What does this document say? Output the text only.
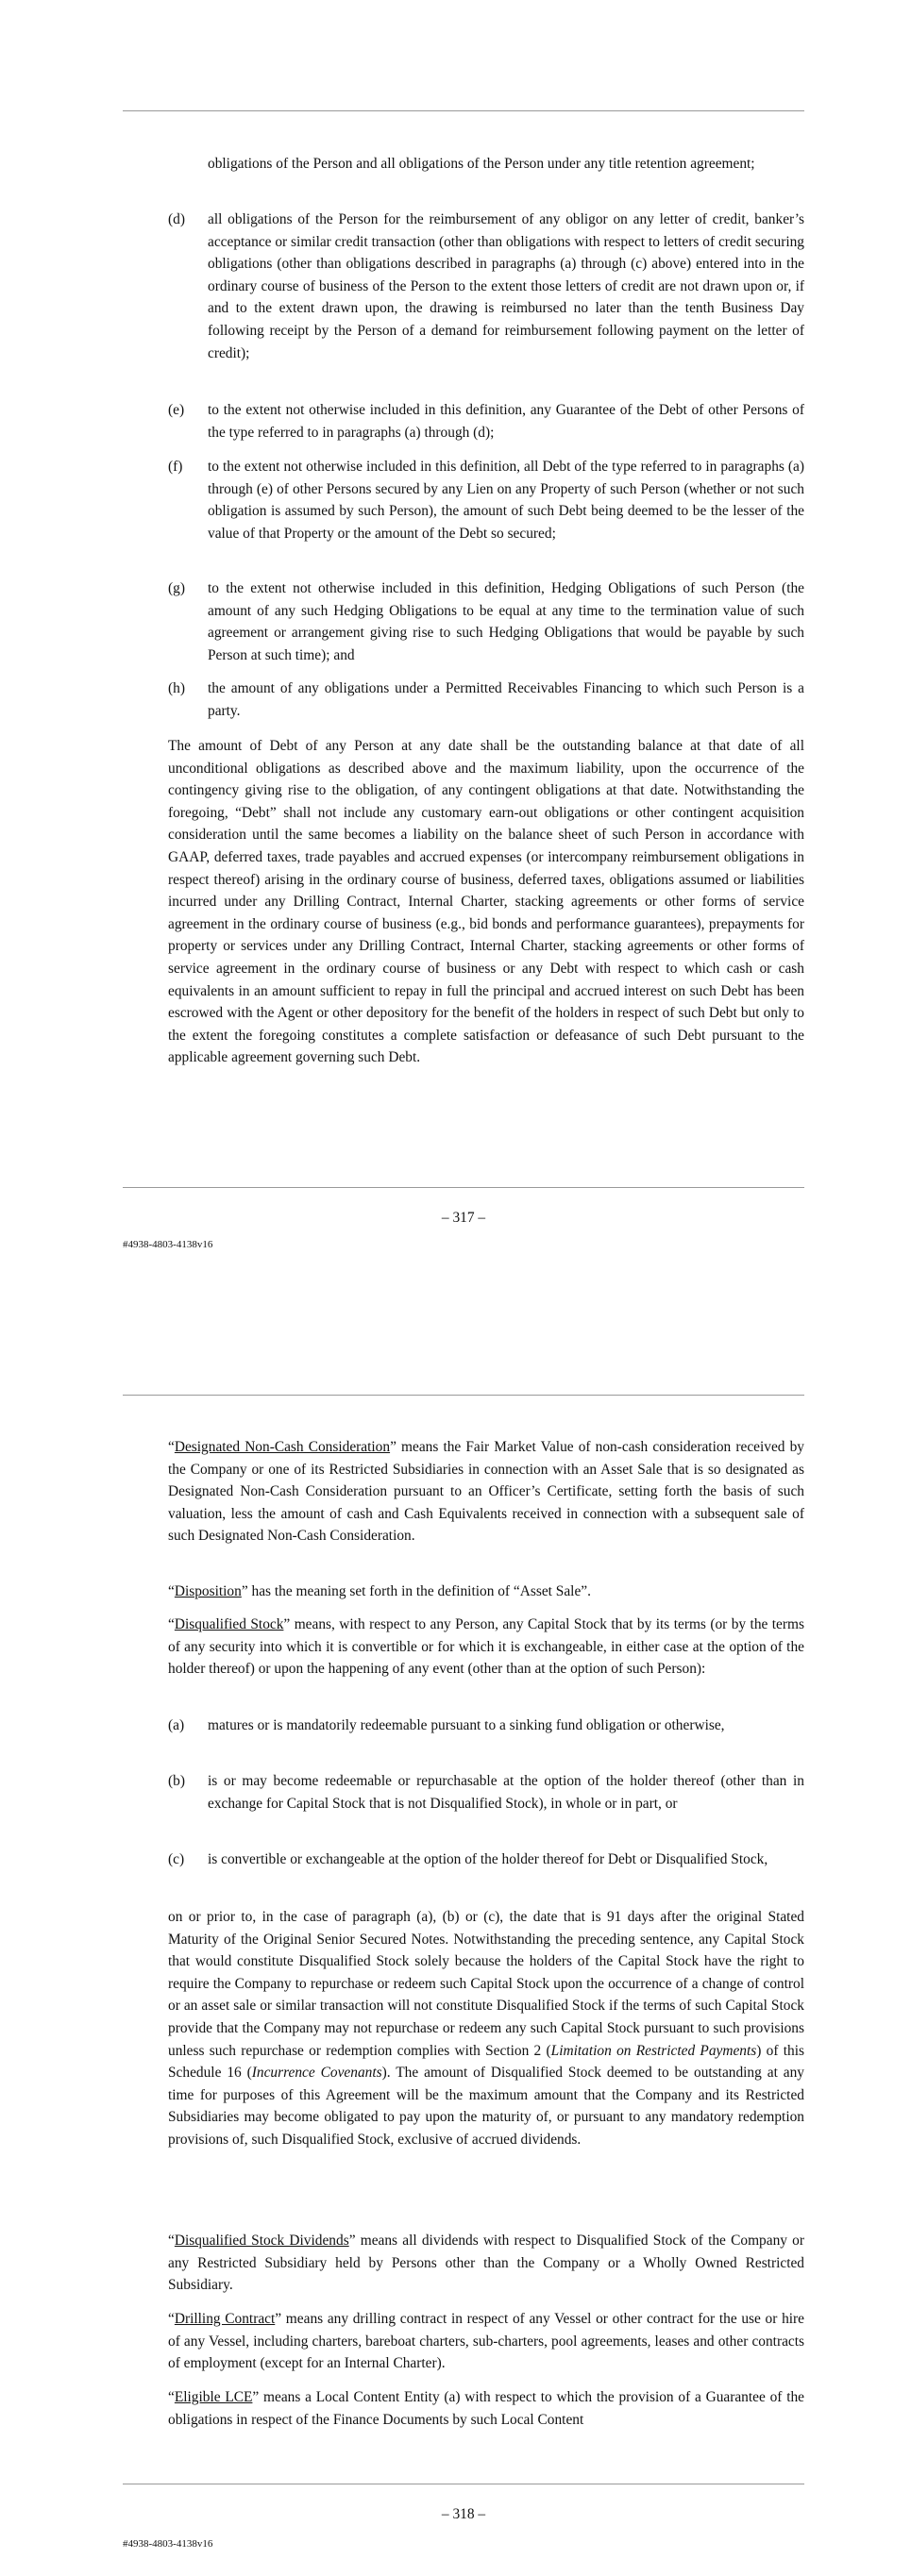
obligations of the Person and all obligations of the Person under any title retention agreement;
(d)	all obligations of the Person for the reimbursement of any obligor on any letter of credit, banker’s acceptance or similar credit transaction (other than obligations with respect to letters of credit securing obligations (other than obligations described in paragraphs (a) through (c) above) entered into in the ordinary course of business of the Person to the extent those letters of credit are not drawn upon or, if and to the extent drawn upon, the drawing is reimbursed no later than the tenth Business Day following receipt by the Person of a demand for reimbursement following payment on the letter of credit);
(e)	to the extent not otherwise included in this definition, any Guarantee of the Debt of other Persons of the type referred to in paragraphs (a) through (d);
(f)	to the extent not otherwise included in this definition, all Debt of the type referred to in paragraphs (a) through (e) of other Persons secured by any Lien on any Property of such Person (whether or not such obligation is assumed by such Person), the amount of such Debt being deemed to be the lesser of the value of that Property or the amount of the Debt so secured;
(g)	to the extent not otherwise included in this definition, Hedging Obligations of such Person (the amount of any such Hedging Obligations to be equal at any time to the termination value of such agreement or arrangement giving rise to such Hedging Obligations that would be payable by such Person at such time); and
(h)	the amount of any obligations under a Permitted Receivables Financing to which such Person is a party.
The amount of Debt of any Person at any date shall be the outstanding balance at that date of all unconditional obligations as described above and the maximum liability, upon the occurrence of the contingency giving rise to the obligation, of any contingent obligations at that date. Notwithstanding the foregoing, “Debt” shall not include any customary earn-out obligations or other contingent acquisition consideration until the same becomes a liability on the balance sheet of such Person in accordance with GAAP, deferred taxes, trade payables and accrued expenses (or intercompany reimbursement obligations in respect thereof) arising in the ordinary course of business, deferred taxes, obligations assumed or liabilities incurred under any Drilling Contract, Internal Charter, stacking agreements or other forms of service agreement in the ordinary course of business (e.g., bid bonds and performance guarantees), prepayments for property or services under any Drilling Contract, Internal Charter, stacking agreements or other forms of service agreement in the ordinary course of business or any Debt with respect to which cash or cash equivalents in an amount sufficient to repay in full the principal and accrued interest on such Debt has been escrowed with the Agent or other depository for the benefit of the holders in respect of such Debt but only to the extent the foregoing constitutes a complete satisfaction or defeasance of such Debt pursuant to the applicable agreement governing such Debt.
– 317 –
#4938-4803-4138v16
“Designated Non-Cash Consideration” means the Fair Market Value of non-cash consideration received by the Company or one of its Restricted Subsidiaries in connection with an Asset Sale that is so designated as Designated Non-Cash Consideration pursuant to an Officer’s Certificate, setting forth the basis of such valuation, less the amount of cash and Cash Equivalents received in connection with a subsequent sale of such Designated Non-Cash Consideration.
“Disposition” has the meaning set forth in the definition of “Asset Sale”.
“Disqualified Stock” means, with respect to any Person, any Capital Stock that by its terms (or by the terms of any security into which it is convertible or for which it is exchangeable, in either case at the option of the holder thereof) or upon the happening of any event (other than at the option of such Person):
(a)	matures or is mandatorily redeemable pursuant to a sinking fund obligation or otherwise,
(b)	is or may become redeemable or repurchasable at the option of the holder thereof (other than in exchange for Capital Stock that is not Disqualified Stock), in whole or in part, or
(c)	is convertible or exchangeable at the option of the holder thereof for Debt or Disqualified Stock,
on or prior to, in the case of paragraph (a), (b) or (c), the date that is 91 days after the original Stated Maturity of the Original Senior Secured Notes. Notwithstanding the preceding sentence, any Capital Stock that would constitute Disqualified Stock solely because the holders of the Capital Stock have the right to require the Company to repurchase or redeem such Capital Stock upon the occurrence of a change of control or an asset sale or similar transaction will not constitute Disqualified Stock if the terms of such Capital Stock provide that the Company may not repurchase or redeem any such Capital Stock pursuant to such provisions unless such repurchase or redemption complies with Section 2 (Limitation on Restricted Payments) of this Schedule 16 (Incurrence Covenants). The amount of Disqualified Stock deemed to be outstanding at any time for purposes of this Agreement will be the maximum amount that the Company and its Restricted Subsidiaries may become obligated to pay upon the maturity of, or pursuant to any mandatory redemption provisions of, such Disqualified Stock, exclusive of accrued dividends.
“Disqualified Stock Dividends” means all dividends with respect to Disqualified Stock of the Company or any Restricted Subsidiary held by Persons other than the Company or a Wholly Owned Restricted Subsidiary.
“Drilling Contract” means any drilling contract in respect of any Vessel or other contract for the use or hire of any Vessel, including charters, bareboat charters, sub-charters, pool agreements, leases and other contracts of employment (except for an Internal Charter).
“Eligible LCE” means a Local Content Entity (a) with respect to which the provision of a Guarantee of the obligations in respect of the Finance Documents by such Local Content
– 318 –
#4938-4803-4138v16
